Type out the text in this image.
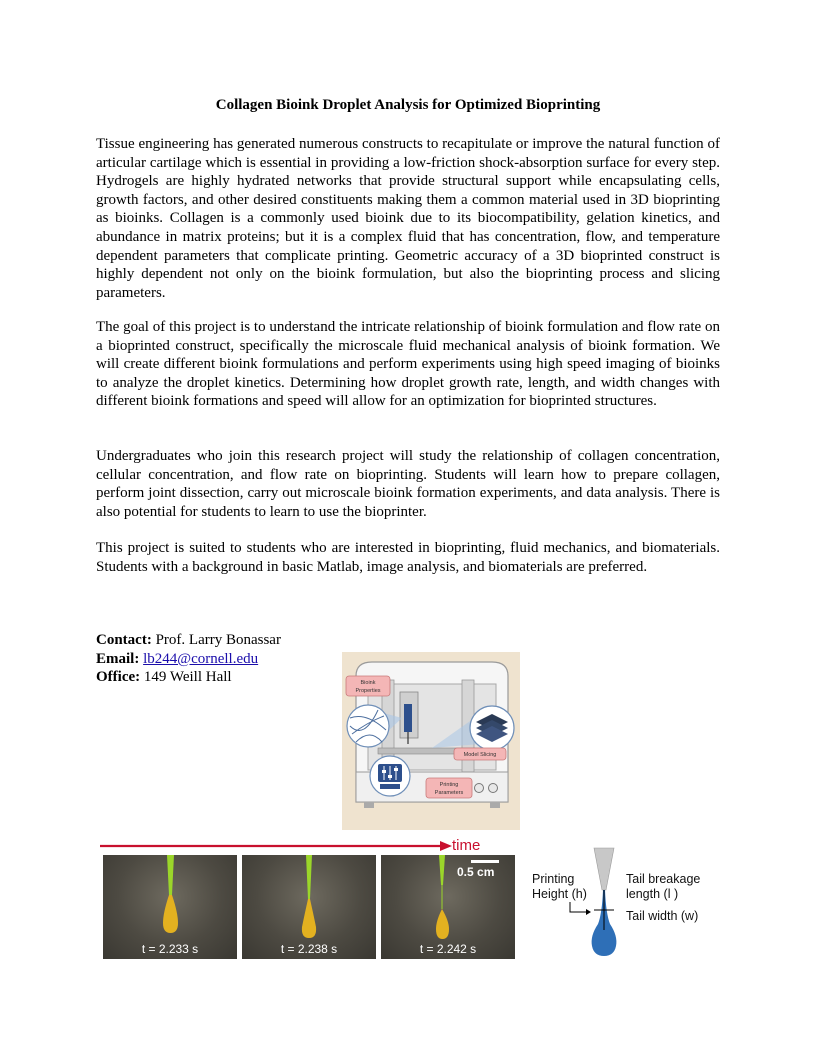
Collagen Bioink Droplet Analysis for Optimized Bioprinting

Tissue engineering has generated numerous constructs to recapitulate or improve the natural function of articular cartilage which is essential in providing a low-friction shock-absorption surface for every step. Hydrogels are highly hydrated networks that provide structural support while encapsulating cells, growth factors, and other desired constituents making them a common material used in 3D bioprinting as bioinks. Collagen is a commonly used bioink due to its biocompatibility, gelation kinetics, and abundance in matrix proteins; but it is a complex fluid that has concentration, flow, and temperature dependent parameters that complicate printing. Geometric accuracy of a 3D bioprinted construct is highly dependent not only on the bioink formulation, but also the bioprinting process and slicing parameters.

The goal of this project is to understand the intricate relationship of bioink formulation and flow rate on a bioprinted construct, specifically the microscale fluid mechanical analysis of bioink formation. We will create different bioink formulations and perform experiments using high speed imaging of bioinks to analyze the droplet kinetics. Determining how droplet growth rate, length, and width changes with different bioink formations and speed will allow for an optimization for bioprinted structures.

Undergraduates who join this research project will study the relationship of collagen concentration, cellular concentration, and flow rate on bioprinting. Students will learn how to prepare collagen, perform joint dissection, carry out microscale bioink formation experiments, and data analysis. There is also potential for students to learn to use the bioprinter.

This project is suited to students who are interested in bioprinting, fluid mechanics, and biomaterials. Students with a background in basic Matlab, image analysis, and biomaterials are preferred.

Contact: Prof. Larry Bonassar
Email: lb244@cornell.edu
Office: 149 Weill Hall	Bioink
Properties
Model Slicing
Printing
Parameters
time
t = 2.233 s	t = 2.238 s	t = 2.242 s
0.5 cm	Printing
Height (h)
Tail breakage
length (l )
Tail width (w)
